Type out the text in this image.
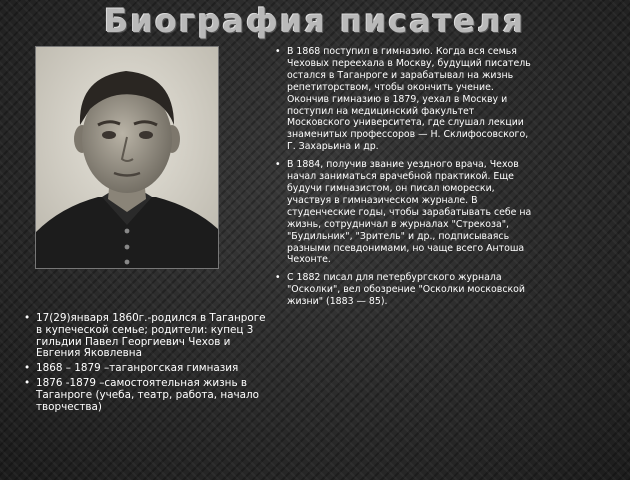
Биография писателя
• В 1868 поступил в гимназию. Когда вся семья Чеховых переехала в Москву, будущий писатель остался в Таганроге и зарабатывал на жизнь репетиторством, чтобы окончить учение. Окончив гимназию в 1879, уехал в Москву и поступил на медицинский факультет Московского университета, где слушал лекции знаменитых профессоров — Н. Склифосовского, Г. Захарьина и др.
• В 1884, получив звание уездного врача, Чехов начал заниматься врачебной практикой. Еще будучи гимназистом, он писал юморески, участвуя в гимназическом журнале. В студенческие годы, чтобы зарабатывать себе на жизнь, сотрудничал в журналах "Стрекоза", "Будильник", "Зритель" и др., подписываясь разными псевдонимами, но чаще всего Антоша Чехонте.
• С 1882 писал для петербургского журнала "Осколки", вел обозрение "Осколки московской жизни" (1883 — 85).
• 17(29)января 1860г.-родился в Таганроге в купеческой семье; родители: купец 3 гильдии Павел Георгиевич Чехов и Евгения Яковлевна
• 1868 – 1879 –таганрогская гимназия
• 1876 -1879 –самостоятельная жизнь в Таганроге (учеба, театр, работа, начало творчества)
